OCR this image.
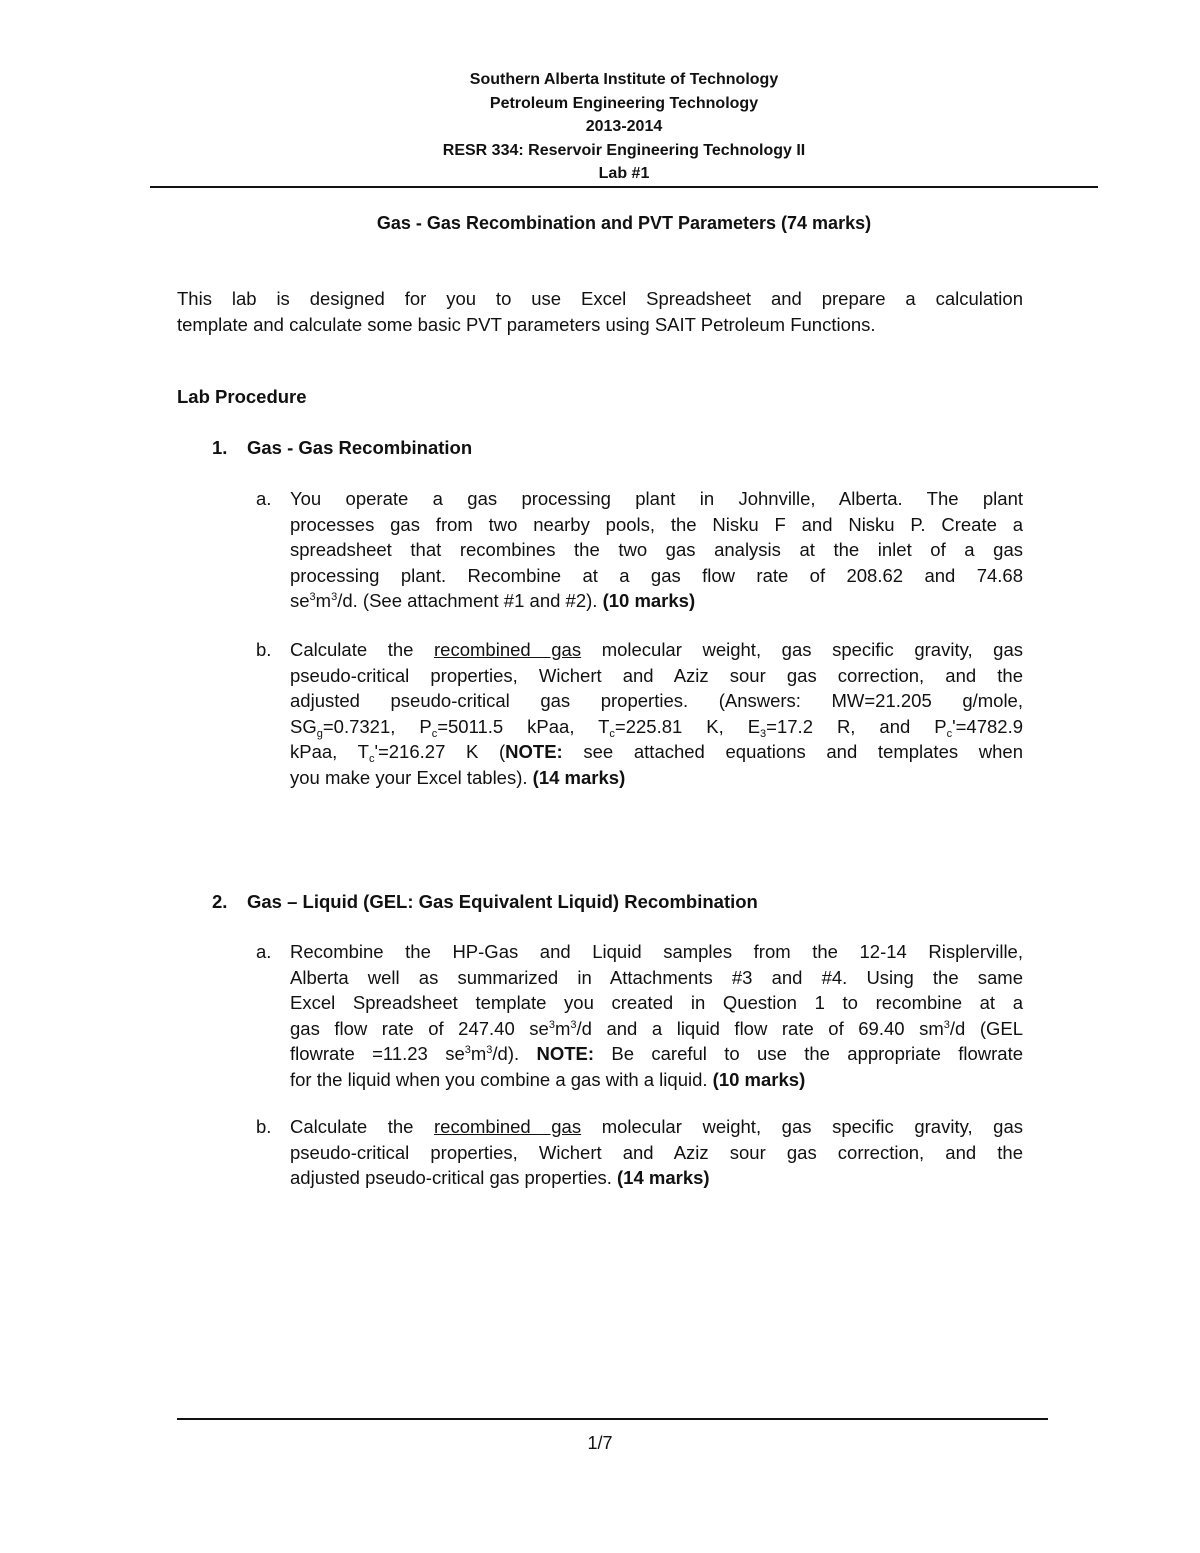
Southern Alberta Institute of Technology
Petroleum Engineering Technology
2013-2014
RESR 334: Reservoir Engineering Technology II
Lab #1
Gas - Gas Recombination and PVT Parameters (74 marks)
This lab is designed for you to use Excel Spreadsheet and prepare a calculation
template and calculate some basic PVT parameters using SAIT Petroleum Functions.
Lab Procedure
1. Gas - Gas Recombination
a. You operate a gas processing plant in Johnville, Alberta. The plant
processes gas from two nearby pools, the Nisku F and Nisku P. Create a
spreadsheet that recombines the two gas analysis at the inlet of a gas
processing plant. Recombine at a gas flow rate of 208.62 and 74.68
$se^3m^3/d$. (See attachment #1 and #2). (10 marks)
b. Calculate the recombined gas molecular weight, gas specific gravity, gas
pseudo-critical properties, Wichert and Aziz sour gas correction, and the
adjusted pseudo-critical gas properties. (Answers: MW=21.205 g/mole,
$SG_g=0.7321$, $P_c=5011.5$ kPaa, $T_c=225.81$ K, $E_3=17.2$ R, and $P_c'=4782.9$
kPaa, $T_c'=216.27$ K (NOTE: see attached equations and templates when
you make your Excel tables). (14 marks)
2. Gas – Liquid (GEL: Gas Equivalent Liquid) Recombination
a. Recombine the HP-Gas and Liquid samples from the 12-14 Risplerville,
Alberta well as summarized in Attachments #3 and #4. Using the same
Excel Spreadsheet template you created in Question 1 to recombine at a
gas flow rate of 247.40 $se^3m^3/d$ and a liquid flow rate of 69.40 $sm^3/d$ (GEL
flowrate =11.23 $se^3m^3/d$). NOTE: Be careful to use the appropriate flowrate
for the liquid when you combine a gas with a liquid. (10 marks)
b. Calculate the recombined gas molecular weight, gas specific gravity, gas
pseudo-critical properties, Wichert and Aziz sour gas correction, and the
adjusted pseudo-critical gas properties. (14 marks)
1/7
